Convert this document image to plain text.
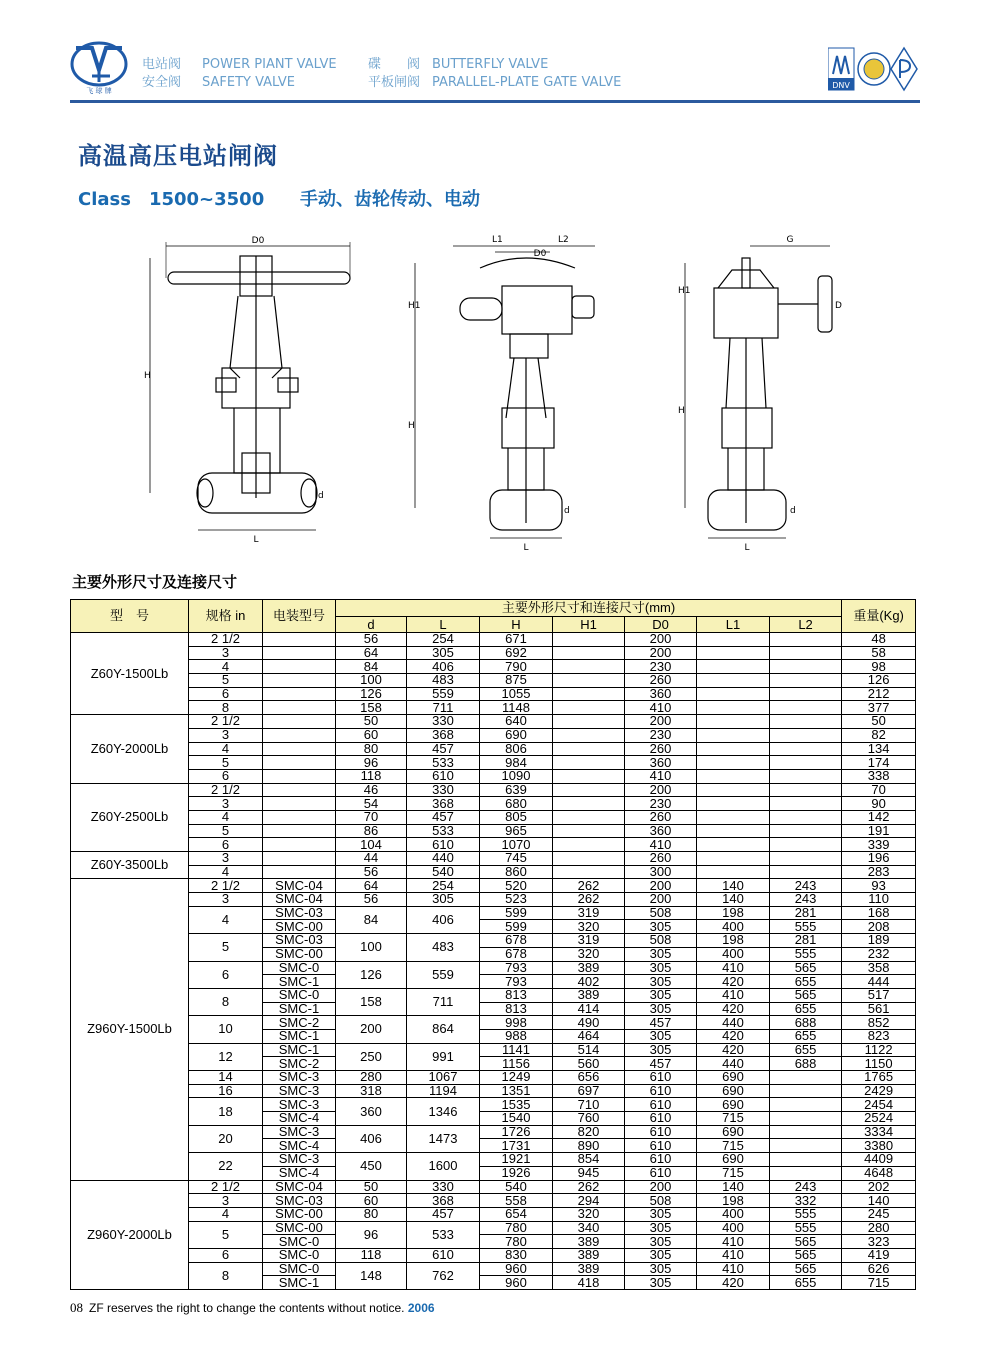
飞 球 牌
电站阀
安全阀
POWER PIANT VALVE
SAFETY VALVE
碟　　阀
平板闸阀
BUTTERFLY VALVE
PARALLEL-PLATE GATE VALVE	DNV
高温高压电站闸阀
Class　1500~3500 手动、齿轮传动、电动
D0
H
L
d
L1	L2
D0
H1
H
L
d
G
H1
H
D
L
d
主要外形尺寸及连接尺寸
型　号	规格 in	电装型号	主要外形尺寸和连接尺寸(mm)							重量(Kg)
			d	L	H	H1	D0	L1	L2	
Z60Y-1500Lb	2 1/2		56	254	671		200			48
	3		64	305	692		200			58
	4		84	406	790		230			98
	5		100	483	875		260			126
	6		126	559	1055		360			212
	8		158	711	1148		410			377
Z60Y-2000Lb	2 1/2		50	330	640		200			50
	3		60	368	690		230			82
	4		80	457	806		260			134
	5		96	533	984		360			174
	6		118	610	1090		410			338
Z60Y-2500Lb	2 1/2		46	330	639		200			70
	3		54	368	680		230			90
	4		70	457	805		260			142
	5		86	533	965		360			191
	6		104	610	1070		410			339
Z60Y-3500Lb	3		44	440	745		260			196
	4		56	540	860		300			283
Z960Y-1500Lb	2 1/2	SMC-04	64	254	520	262	200	140	243	93
	3	SMC-04	56	305	523	262	200	140	243	110
	4	SMC-03	84	406	599	319	508	198	281	168
		SMC-00			599	320	305	400	555	208
	5	SMC-03	100	483	678	319	508	198	281	189
		SMC-00			678	320	305	400	555	232
	6	SMC-0	126	559	793	389	305	410	565	358
		SMC-1			793	402	305	420	655	444
	8	SMC-0	158	711	813	389	305	410	565	517
		SMC-1			813	414	305	420	655	561
	10	SMC-2	200	864	998	490	457	440	688	852
		SMC-1			988	464	305	420	655	823
	12	SMC-1	250	991	1141	514	305	420	655	1122
		SMC-2			1156	560	457	440	688	1150
	14	SMC-3	280	1067	1249	656	610	690		1765
	16	SMC-3	318	1194	1351	697	610	690		2429
	18	SMC-3	360	1346	1535	710	610	690		2454
		SMC-4			1540	760	610	715		2524
	20	SMC-3	406	1473	1726	820	610	690		3334
		SMC-4			1731	890	610	715		3380
	22	SMC-3	450	1600	1921	854	610	690		4409
		SMC-4			1926	945	610	715		4648
Z960Y-2000Lb	2 1/2	SMC-04	50	330	540	262	200	140	243	202
	3	SMC-03	60	368	558	294	508	198	332	140
	4	SMC-00	80	457	654	320	305	400	555	245
	5	SMC-00	96	533	780	340	305	400	555	280
		SMC-0			780	389	305	410	565	323
	6	SMC-0	118	610	830	389	305	410	565	419
	8	SMC-0	148	762	960	389	305	410	565	626
		SMC-1			960	418	305	420	655	715
08 ZF reserves the right to change the contents without notice. 2006
